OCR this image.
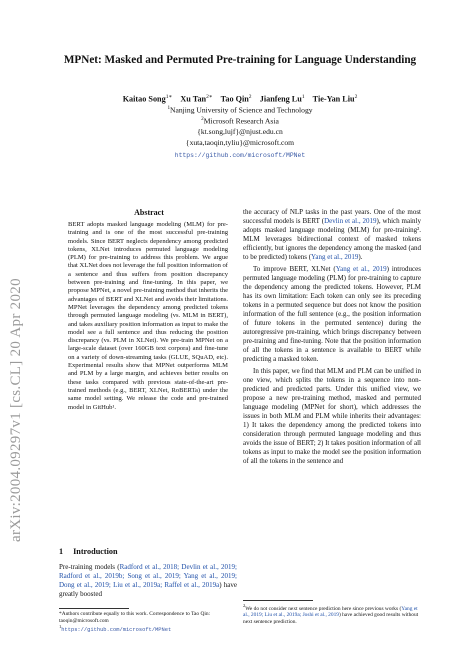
arXiv:2004.09297v1 [cs.CL] 20 Apr 2020
MPNet: Masked and Permuted Pre-training for Language Understanding
Kaitao Song$^{1∗}$ Xu Tan$^{2∗}$ Tao Qin$^2$ Jianfeng Lu$^1$ Tie-Yan Liu$^2$
$^1$Nanjing University of Science and Technology
$^2$Microsoft Research Asia
{kt.song,lujf}@njust.edu.cn
{xuta,taoqin,tyliu}@microsoft.com
https://github.com/microsoft/MPNet
Abstract
BERT adopts masked language modeling (MLM) for pre-training and is one of the most successful pre-training models. Since BERT neglects dependency among predicted tokens, XLNet introduces permuted language modeling (PLM) for pre-training to address this problem. We argue that XLNet does not leverage the full position information of a sentence and thus suffers from position discrepancy between pre-training and fine-tuning. In this paper, we propose MPNet, a novel pre-training method that inherits the advantages of BERT and XLNet and avoids their limitations. MPNet leverages the dependency among predicted tokens through permuted language modeling (vs. MLM in BERT), and takes auxiliary position information as input to make the model see a full sentence and thus reducing the position discrepancy (vs. PLM in XLNet). We pre-train MPNet on a large-scale dataset (over 160GB text corpora) and fine-tune on a variety of down-streaming tasks (GLUE, SQuAD, etc). Experimental results show that MPNet outperforms MLM and PLM by a large margin, and achieves better results on these tasks compared with previous state-of-the-art pre-trained methods (e.g., BERT, XLNet, RoBERTa) under the same model setting. We release the code and pre-trained model in GitHub¹.
1 Introduction
Pre-training models (Radford et al., 2018; Devlin et al., 2019; Radford et al., 2019b; Song et al., 2019; Yang et al., 2019; Dong et al., 2019; Liu et al., 2019a; Raffel et al., 2019a) have greatly boosted
*Authors contribute equally to this work. Correspondence to Tao Qin: taoqin@microsoft.com
$^1$https://github.com/microsoft/MPNet

the accuracy of NLP tasks in the past years. One of the most successful models is BERT (Devlin et al., 2019), which mainly adopts masked language modeling (MLM) for pre-training². MLM leverages bidirectional context of masked tokens efficiently, but ignores the dependency among the masked (and to be predicted) tokens (Yang et al., 2019).

To improve BERT, XLNet (Yang et al., 2019) introduces permuted language modeling (PLM) for pre-training to capture the dependency among the predicted tokens. However, PLM has its own limitation: Each token can only see its preceding tokens in a permuted sequence but does not know the position information of the full sentence (e.g., the position information of future tokens in the permuted sentence) during the autoregressive pre-training, which brings discrepancy between pre-training and fine-tuning. Note that the position information of all the tokens in a sentence is available to BERT while predicting a masked token.

In this paper, we find that MLM and PLM can be unified in one view, which splits the tokens in a sequence into non-predicted and predicted parts. Under this unified view, we propose a new pre-training method, masked and permuted language modeling (MPNet for short), which addresses the issues in both MLM and PLM while inherits their advantages: 1) It takes the dependency among the predicted tokens into consideration through permuted language modeling and thus avoids the issue of BERT; 2) It takes position information of all tokens as input to make the model see the position information of all the tokens in the sentence and

$^2$We do not consider next sentence prediction here since previous works (Yang et al., 2019; Liu et al., 2019a; Joshi et al., 2019) have achieved good results without next sentence prediction.
